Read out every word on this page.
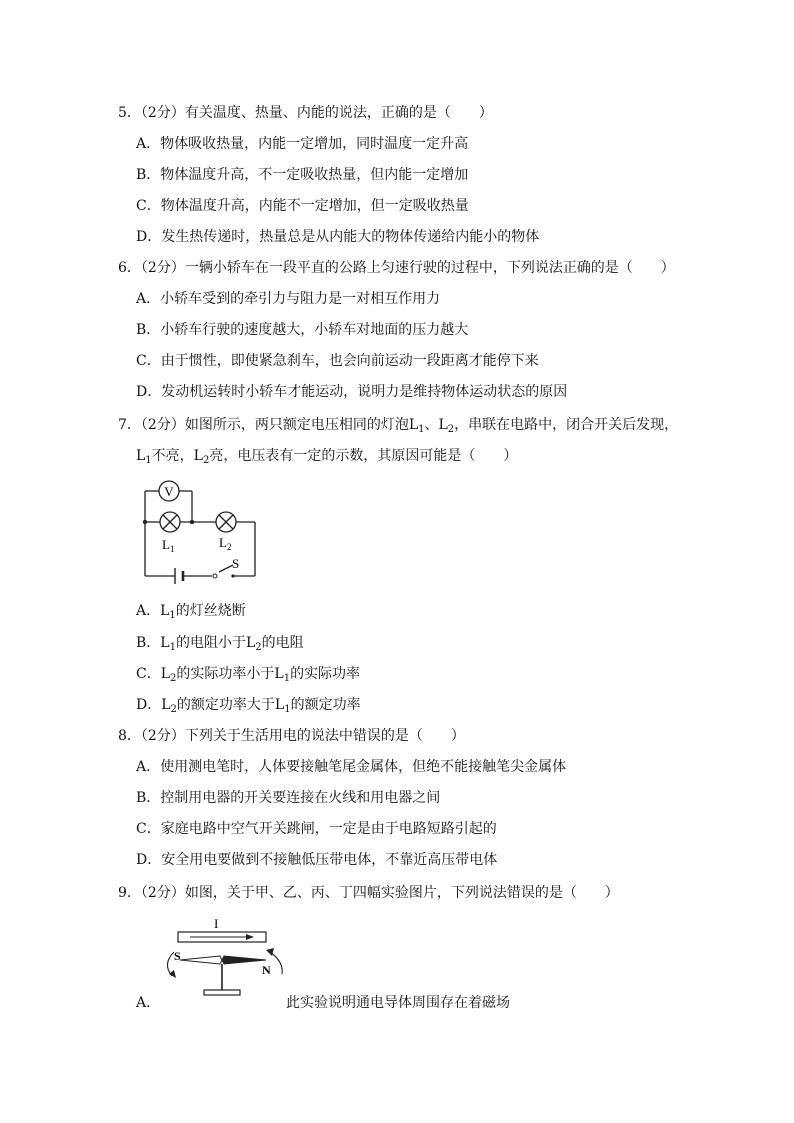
5．（2分）有关温度、热量、内能的说法，正确的是（　　）
A．物体吸收热量，内能一定增加，同时温度一定升高
B．物体温度升高，不一定吸收热量，但内能一定增加
C．物体温度升高，内能不一定增加，但一定吸收热量
D．发生热传递时，热量总是从内能大的物体传递给内能小的物体
6．（2分）一辆小轿车在一段平直的公路上匀速行驶的过程中，下列说法正确的是（　　）
A．小轿车受到的牵引力与阻力是一对相互作用力
B．小轿车行驶的速度越大，小轿车对地面的压力越大
C．由于惯性，即使紧急刹车，也会向前运动一段距离才能停下来
D．发动机运转时小轿车才能运动，说明力是维持物体运动状态的原因
7．（2分）如图所示，两只额定电压相同的灯泡$L_1$、$L_2$，串联在电路中，闭合开关后发现，
$L_1$不亮，$L_2$亮，电压表有一定的示数，其原因可能是（　　）
V
$L_1$	$L_2$
S
A．$L_1$的灯丝烧断
B．$L_1$的电阻小于$L_2$的电阻
C．$L_2$的实际功率小于$L_1$的实际功率
D．$L_2$的额定功率大于$L_1$的额定功率
8．（2分）下列关于生活用电的说法中错误的是（　　）
A．使用测电笔时，人体要接触笔尾金属体，但绝不能接触笔尖金属体
B．控制用电器的开关要连接在火线和用电器之间
C．家庭电路中空气开关跳闸，一定是由于电路短路引起的
D．安全用电要做到不接触低压带电体，不靠近高压带电体
9．（2分）如图，关于甲、乙、丙、丁四幅实验图片，下列说法错误的是（　　）
I
S
N
A．	此实验说明通电导体周围存在着磁场
